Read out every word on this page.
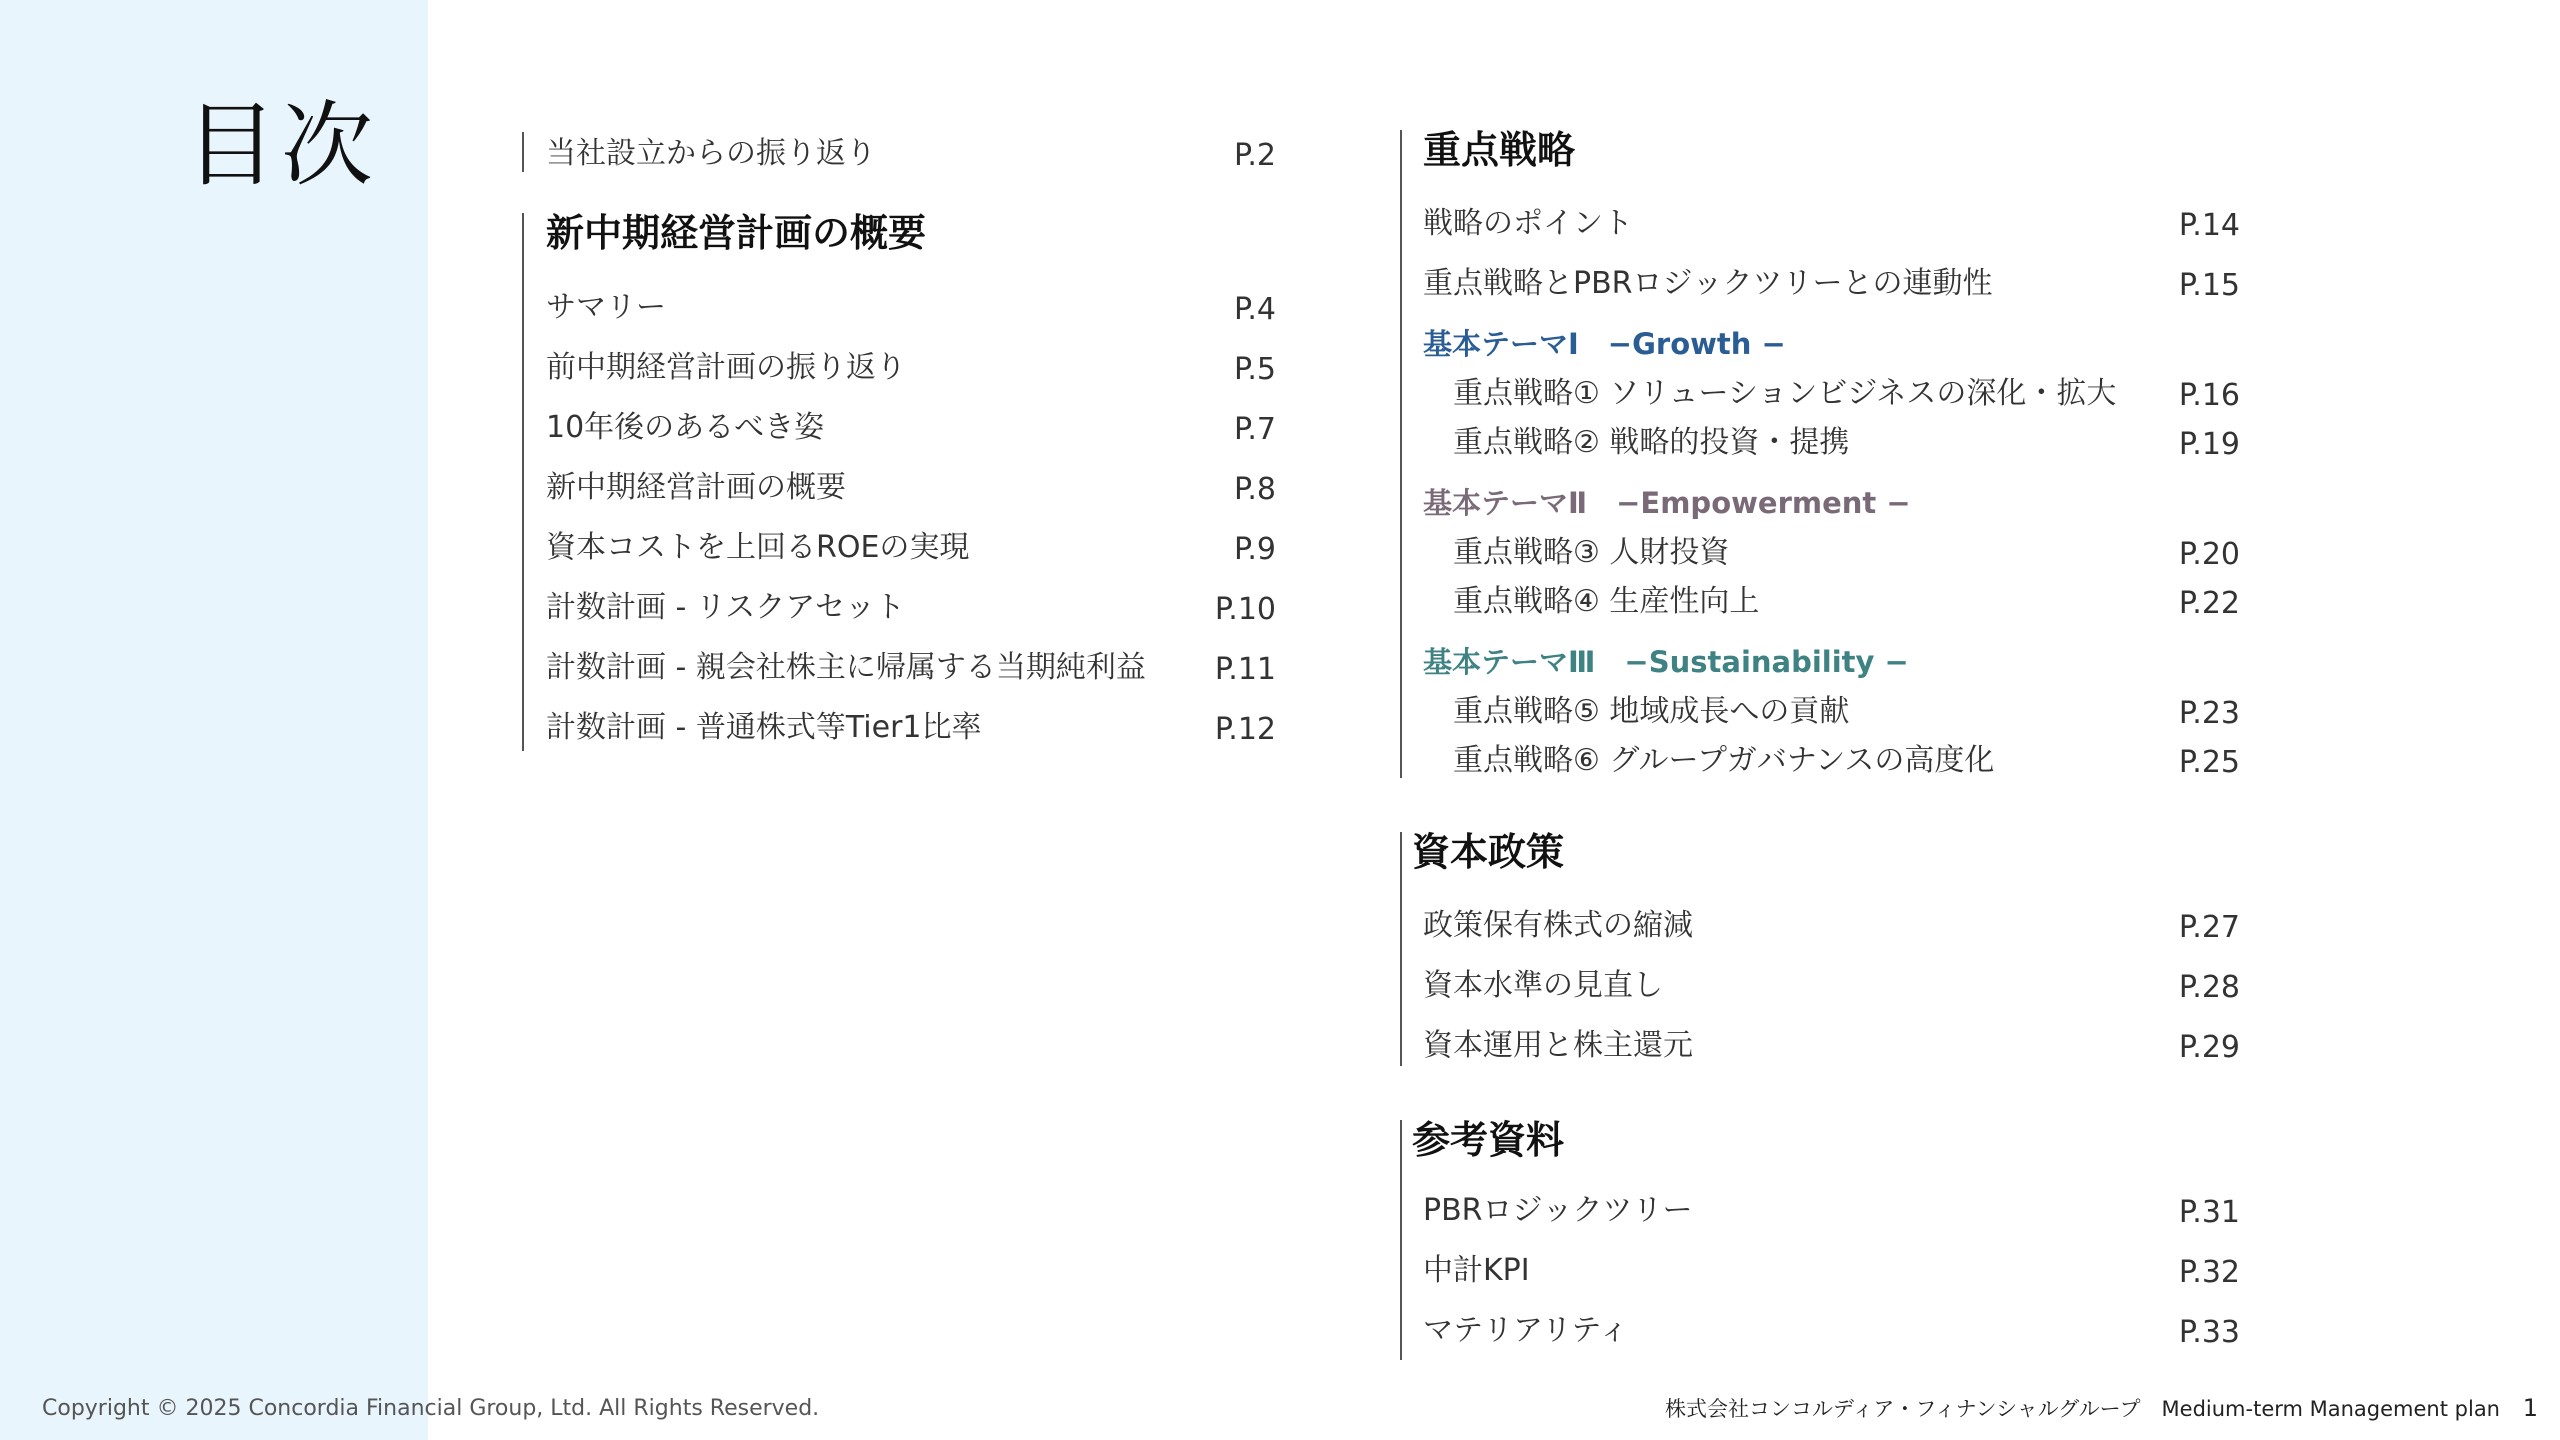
目次	当社設立からの振り返り	P.2
新中期経営計画の概要
サマリー	P.4
前中期経営計画の振り返り	P.5
10年後のあるべき姿	P.7
新中期経営計画の概要	P.8
資本コストを上回るROEの実現	P.9
計数計画 - リスクアセット	P.10
計数計画 - 親会社株主に帰属する当期純利益 P.11
計数計画 - 普通株式等Tier1比率	P.12
重点戦略
戦略のポイント	P.14
重点戦略とPBRロジックツリーとの連動性	P.15
基本テーマⅠ　−Growth −
重点戦略① ソリューションビジネスの深化・拡大 P.16
重点戦略② 戦略的投資・提携	P.19
基本テーマⅡ　−Empowerment −
重点戦略③ 人財投資	P.20
重点戦略④ 生産性向上	P.22
基本テーマⅢ　−Sustainability −
重点戦略⑤ 地域成長への貢献	P.23
重点戦略⑥ グループガバナンスの高度化	P.25
資本政策
政策保有株式の縮減	P.27
資本水準の見直し	P.28
資本運用と株主還元	P.29
参考資料
PBRロジックツリー	P.31
中計KPI	P.32
マテリアリティ	P.33
Copyright © 2025 Concordia Financial Group, Ltd. All Rights Reserved.	株式会社コンコルディア・フィナンシャルグループ　Medium-term Management plan 1
